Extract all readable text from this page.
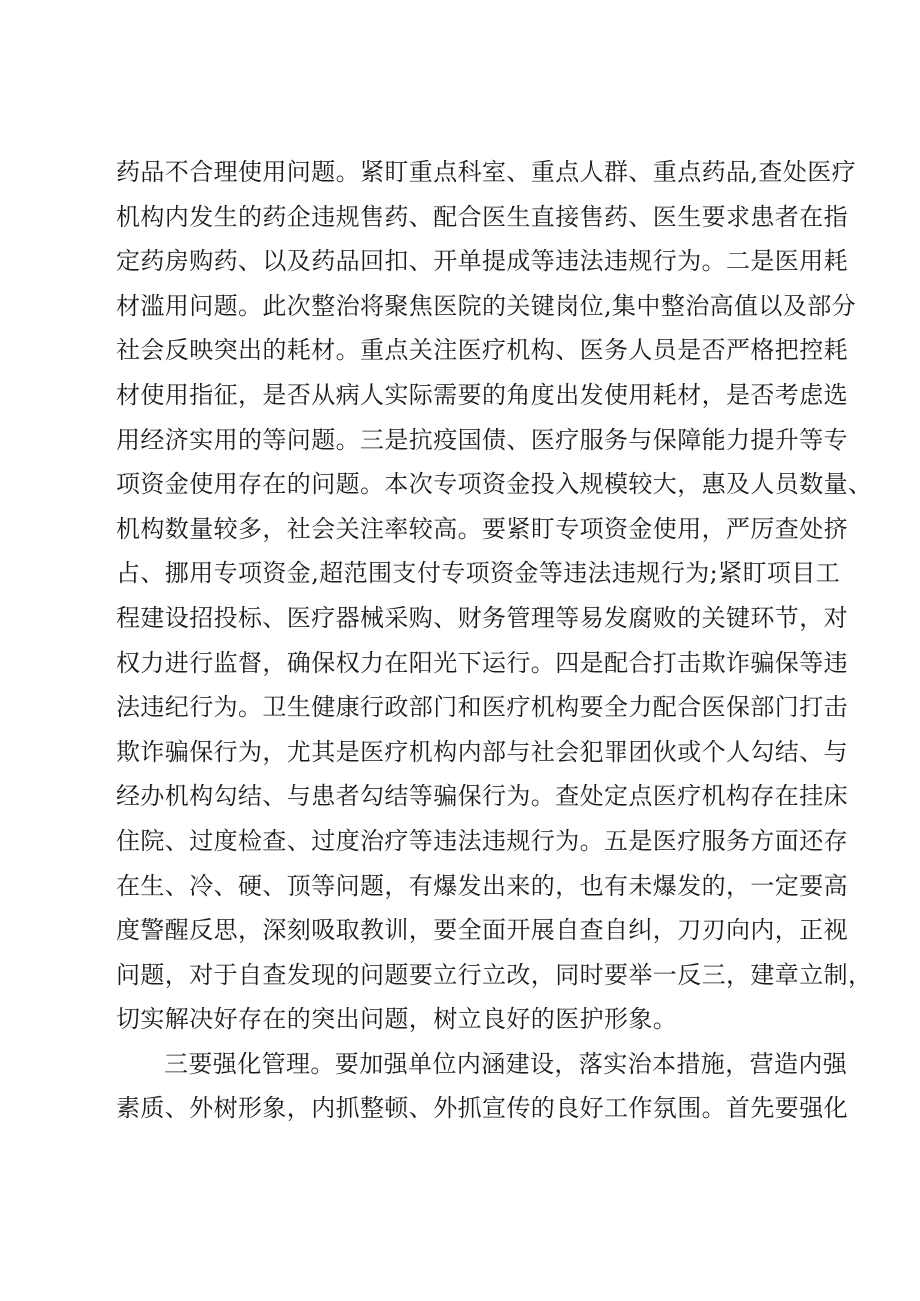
药品不合理使用问题。紧盯重点科室、重点人群、重点药品,查处医疗
机构内发生的药企违规售药、配合医生直接售药、医生要求患者在指
定药房购药、以及药品回扣、开单提成等违法违规行为。二是医用耗
材滥用问题。此次整治将聚焦医院的关键岗位,集中整治高值以及部分
社会反映突出的耗材。重点关注医疗机构、医务人员是否严格把控耗
材使用指征，是否从病人实际需要的角度出发使用耗材，是否考虑选
用经济实用的等问题。三是抗疫国债、医疗服务与保障能力提升等专
项资金使用存在的问题。本次专项资金投入规模较大，惠及人员数量、
机构数量较多，社会关注率较高。要紧盯专项资金使用，严厉查处挤
占、挪用专项资金,超范围支付专项资金等违法违规行为;紧盯项目工
程建设招投标、医疗器械采购、财务管理等易发腐败的关键环节，对
权力进行监督，确保权力在阳光下运行。四是配合打击欺诈骗保等违
法违纪行为。卫生健康行政部门和医疗机构要全力配合医保部门打击
欺诈骗保行为，尤其是医疗机构内部与社会犯罪团伙或个人勾结、与
经办机构勾结、与患者勾结等骗保行为。查处定点医疗机构存在挂床
住院、过度检查、过度治疗等违法违规行为。五是医疗服务方面还存
在生、冷、硬、顶等问题，有爆发出来的，也有未爆发的，一定要高
度警醒反思，深刻吸取教训，要全面开展自查自纠，刀刃向内，正视
问题，对于自查发现的问题要立行立改，同时要举一反三，建章立制，
切实解决好存在的突出问题，树立良好的医护形象。
三要强化管理。要加强单位内涵建设，落实治本措施，营造内强
素质、外树形象，内抓整顿、外抓宣传的良好工作氛围。首先要强化
